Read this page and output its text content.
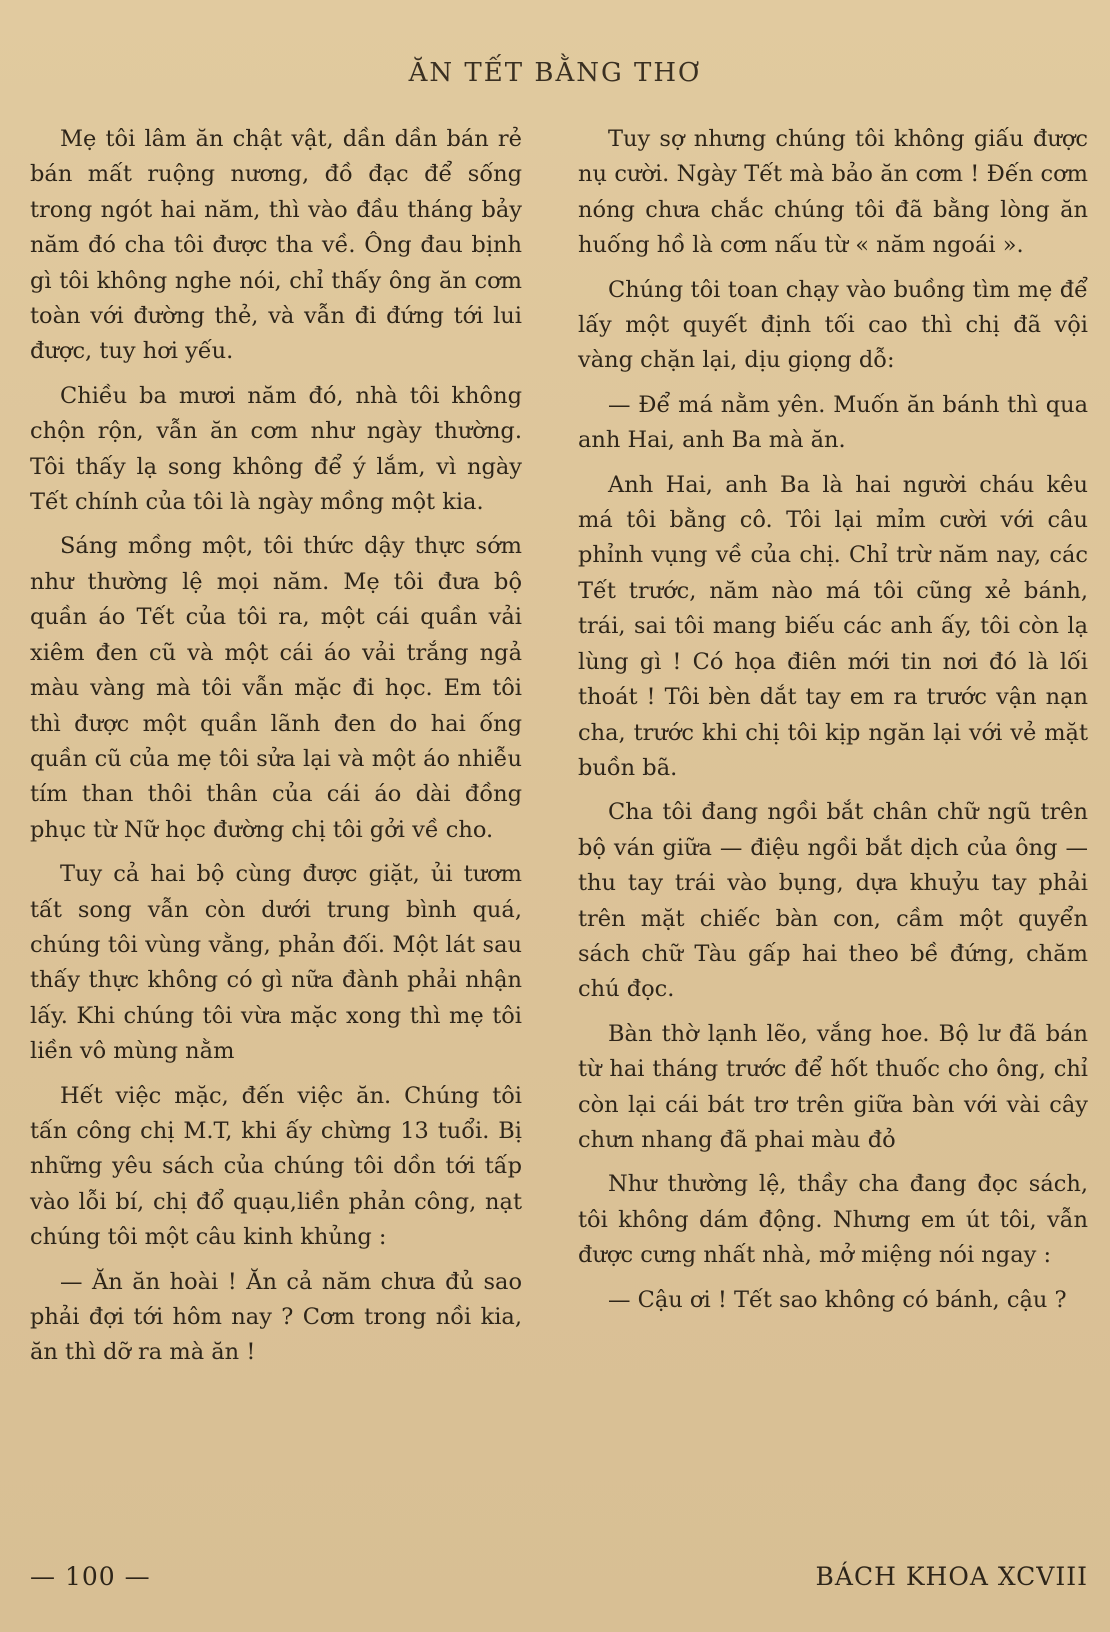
ĂN TẾT BẰNG THƠ

Mẹ tôi lâm ăn chật vật, dần dần bán rẻ bán mất ruộng nương, đồ đạc để sống trong ngót hai năm, thì vào đầu tháng bảy năm đó cha tôi được tha về. Ông đau bịnh gì tôi không nghe nói, chỉ thấy ông ăn cơm toàn với đường thẻ, và vẫn đi đứng tới lui được, tuy hơi yếu.

Chiều ba mươi năm đó, nhà tôi không chộn rộn, vẫn ăn cơm như ngày thường. Tôi thấy lạ song không để ý lắm, vì ngày Tết chính của tôi là ngày mồng một kia.

Sáng mồng một, tôi thức dậy thực sớm như thường lệ mọi năm. Mẹ tôi đưa bộ quần áo Tết của tôi ra, một cái quần vải xiêm đen cũ và một cái áo vải trắng ngả màu vàng mà tôi vẫn mặc đi học. Em tôi thì được một quần lãnh đen do hai ống quần cũ của mẹ tôi sửa lại và một áo nhiễu tím than thôi thân của cái áo dài đồng phục từ Nữ học đường chị tôi gởi về cho.

Tuy cả hai bộ cùng được giặt, ủi tươm tất song vẫn còn dưới trung bình quá, chúng tôi vùng vằng, phản đối. Một lát sau thấy thực không có gì nữa đành phải nhận lấy. Khi chúng tôi vừa mặc xong thì mẹ tôi liền vô mùng nằm

Hết việc mặc, đến việc ăn. Chúng tôi tấn công chị M.T, khi ấy chừng 13 tuổi. Bị những yêu sách của chúng tôi dồn tới tấp vào lỗi bí, chị đổ quạu,liền phản công, nạt chúng tôi một câu kinh khủng :

— Ăn ăn hoài ! Ăn cả năm chưa đủ sao phải đợi tới hôm nay ? Cơm trong nồi kia, ăn thì dỡ ra mà ăn !

Tuy sợ nhưng chúng tôi không giấu được nụ cười. Ngày Tết mà bảo ăn cơm ! Đến cơm nóng chưa chắc chúng tôi đã bằng lòng ăn huống hồ là cơm nấu từ « năm ngoái ».

Chúng tôi toan chạy vào buồng tìm mẹ để lấy một quyết định tối cao thì chị đã vội vàng chặn lại, dịu giọng dỗ:

— Để má nằm yên. Muốn ăn bánh thì qua anh Hai, anh Ba mà ăn.

Anh Hai, anh Ba là hai người cháu kêu má tôi bằng cô. Tôi lại mỉm cười với câu phỉnh vụng về của chị. Chỉ trừ năm nay, các Tết trước, năm nào má tôi cũng xẻ bánh, trái, sai tôi mang biếu các anh ấy, tôi còn lạ lùng gì ! Có họa điên mới tin nơi đó là lối thoát ! Tôi bèn dắt tay em ra trước vận nạn cha, trước khi chị tôi kịp ngăn lại với vẻ mặt buồn bã.

Cha tôi đang ngồi bắt chân chữ ngũ trên bộ ván giữa — điệu ngồi bắt dịch của ông — thu tay trái vào bụng, dựa khuỷu tay phải trên mặt chiếc bàn con, cầm một quyển sách chữ Tàu gấp hai theo bề đứng, chăm chú đọc.

Bàn thờ lạnh lẽo, vắng hoe. Bộ lư đã bán từ hai tháng trước để hốt thuốc cho ông, chỉ còn lại cái bát trơ trên giữa bàn với vài cây chưn nhang đã phai màu đỏ

Như thường lệ, thầy cha đang đọc sách, tôi không dám động. Nhưng em út tôi, vẫn được cưng nhất nhà, mở miệng nói ngay :

— Cậu ơi ! Tết sao không có bánh, cậu ?

— 100 —	BÁCH KHOA XCVIII
